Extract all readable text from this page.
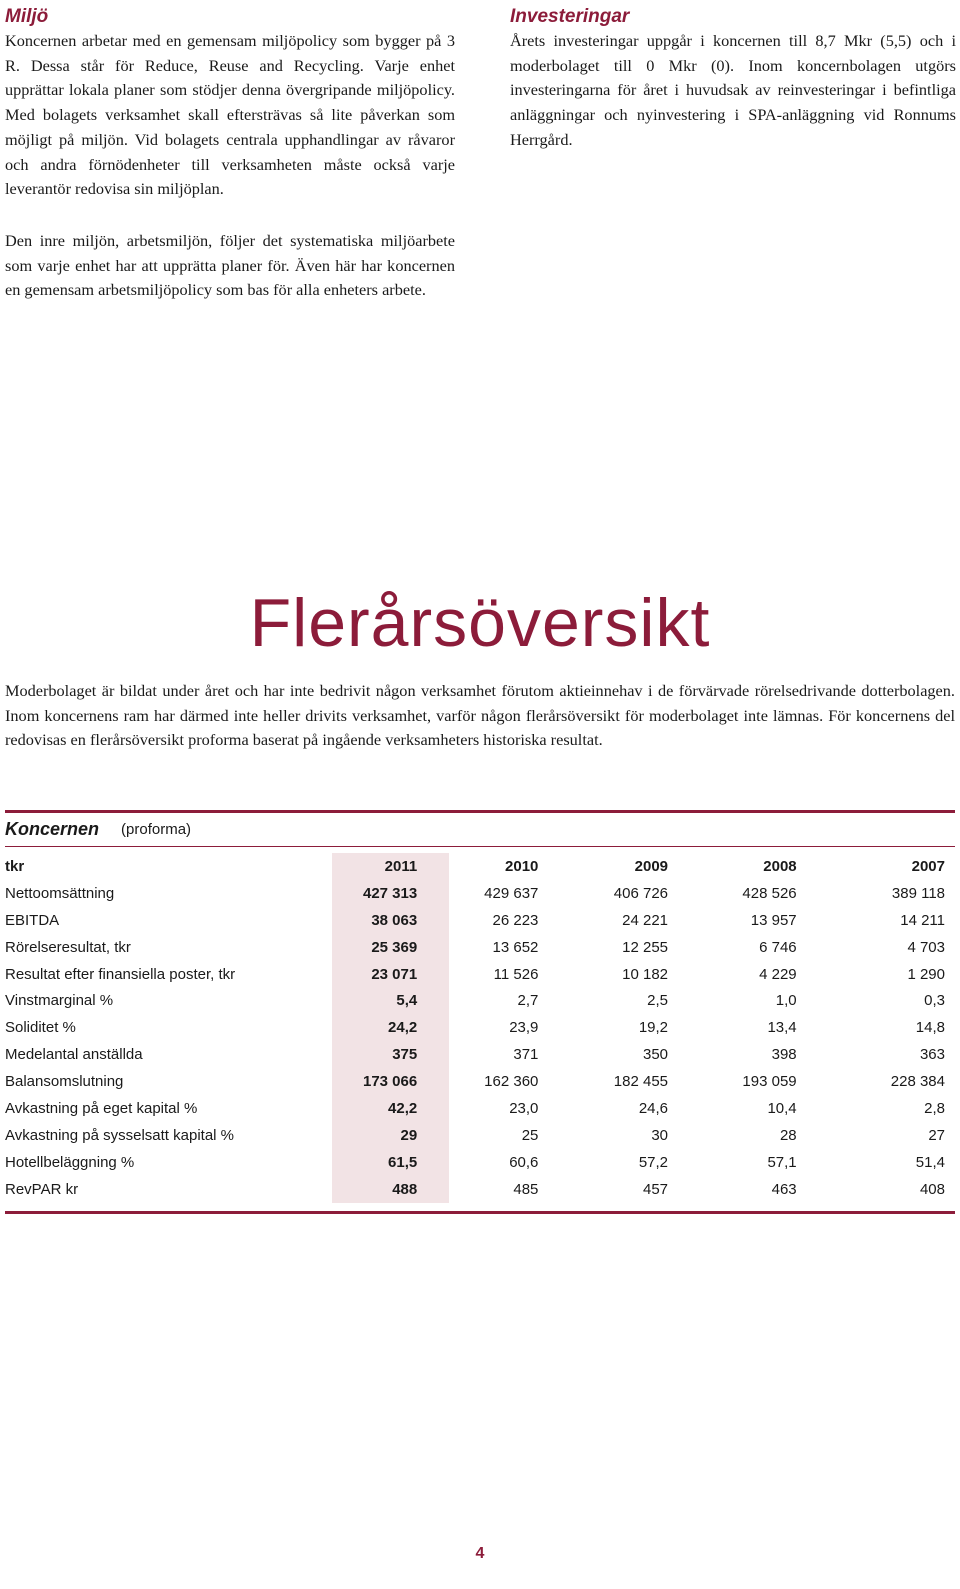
Miljö

Koncernen arbetar med en gemensam miljöpolicy som bygger på 3 R. Dessa står för Reduce, Reuse and Recycling. Varje enhet upprättar lokala planer som stödjer denna övergripande miljöpolicy. Med bolagets verksamhet skall eftersträvas så lite påverkan som möjligt på miljön. Vid bolagets centrala upphandlingar av råvaror och andra förnödenheter till verksamheten måste också varje leverantör redovisa sin miljöplan.

Den inre miljön, arbetsmiljön, följer det systematiska miljöarbete som varje enhet har att upprätta planer för. Även här har koncernen en gemensam arbetsmiljöpolicy som bas för alla enheters arbete.

Investeringar

Årets investeringar uppgår i koncernen till 8,7 Mkr (5,5) och i moderbolaget till 0 Mkr (0). Inom koncernbolagen utgörs investeringarna för året i huvudsak av reinvesteringar i befintliga anläggningar och nyinvestering i SPA-anläggning vid Ronnums Herrgård.

Flerårsöversikt

Moderbolaget är bildat under året och har inte bedrivit någon verksamhet förutom aktieinnehav i de förvärvade rörelsedrivande dotterbolagen. Inom koncernens ram har därmed inte heller drivits verksamhet, varför någon flerårsöversikt för moderbolaget inte lämnas. För koncernens del redovisas en flerårsöversikt proforma baserat på ingående verksamheters historiska resultat.

Koncernen (proforma)
tkr	2011	2010	2009	2008	2007
Nettoomsättning	427 313	429 637	406 726	428 526	389 118
EBITDA	38 063	26 223	24 221	13 957	14 211
Rörelseresultat, tkr	25 369	13 652	12 255	6 746	4 703
Resultat efter finansiella poster, tkr	23 071	11 526	10 182	4 229	1 290
Vinstmarginal %	5,4	2,7	2,5	1,0	0,3
Soliditet %	24,2	23,9	19,2	13,4	14,8
Medelantal anställda	375	371	350	398	363
Balansomslutning	173 066	162 360	182 455	193 059	228 384
Avkastning på eget kapital %	42,2	23,0	24,6	10,4	2,8
Avkastning på sysselsatt kapital %	29	25	30	28	27
Hotellbeläggning %	61,5	60,6	57,2	57,1	51,4
RevPAR kr	488	485	457	463	408
4
